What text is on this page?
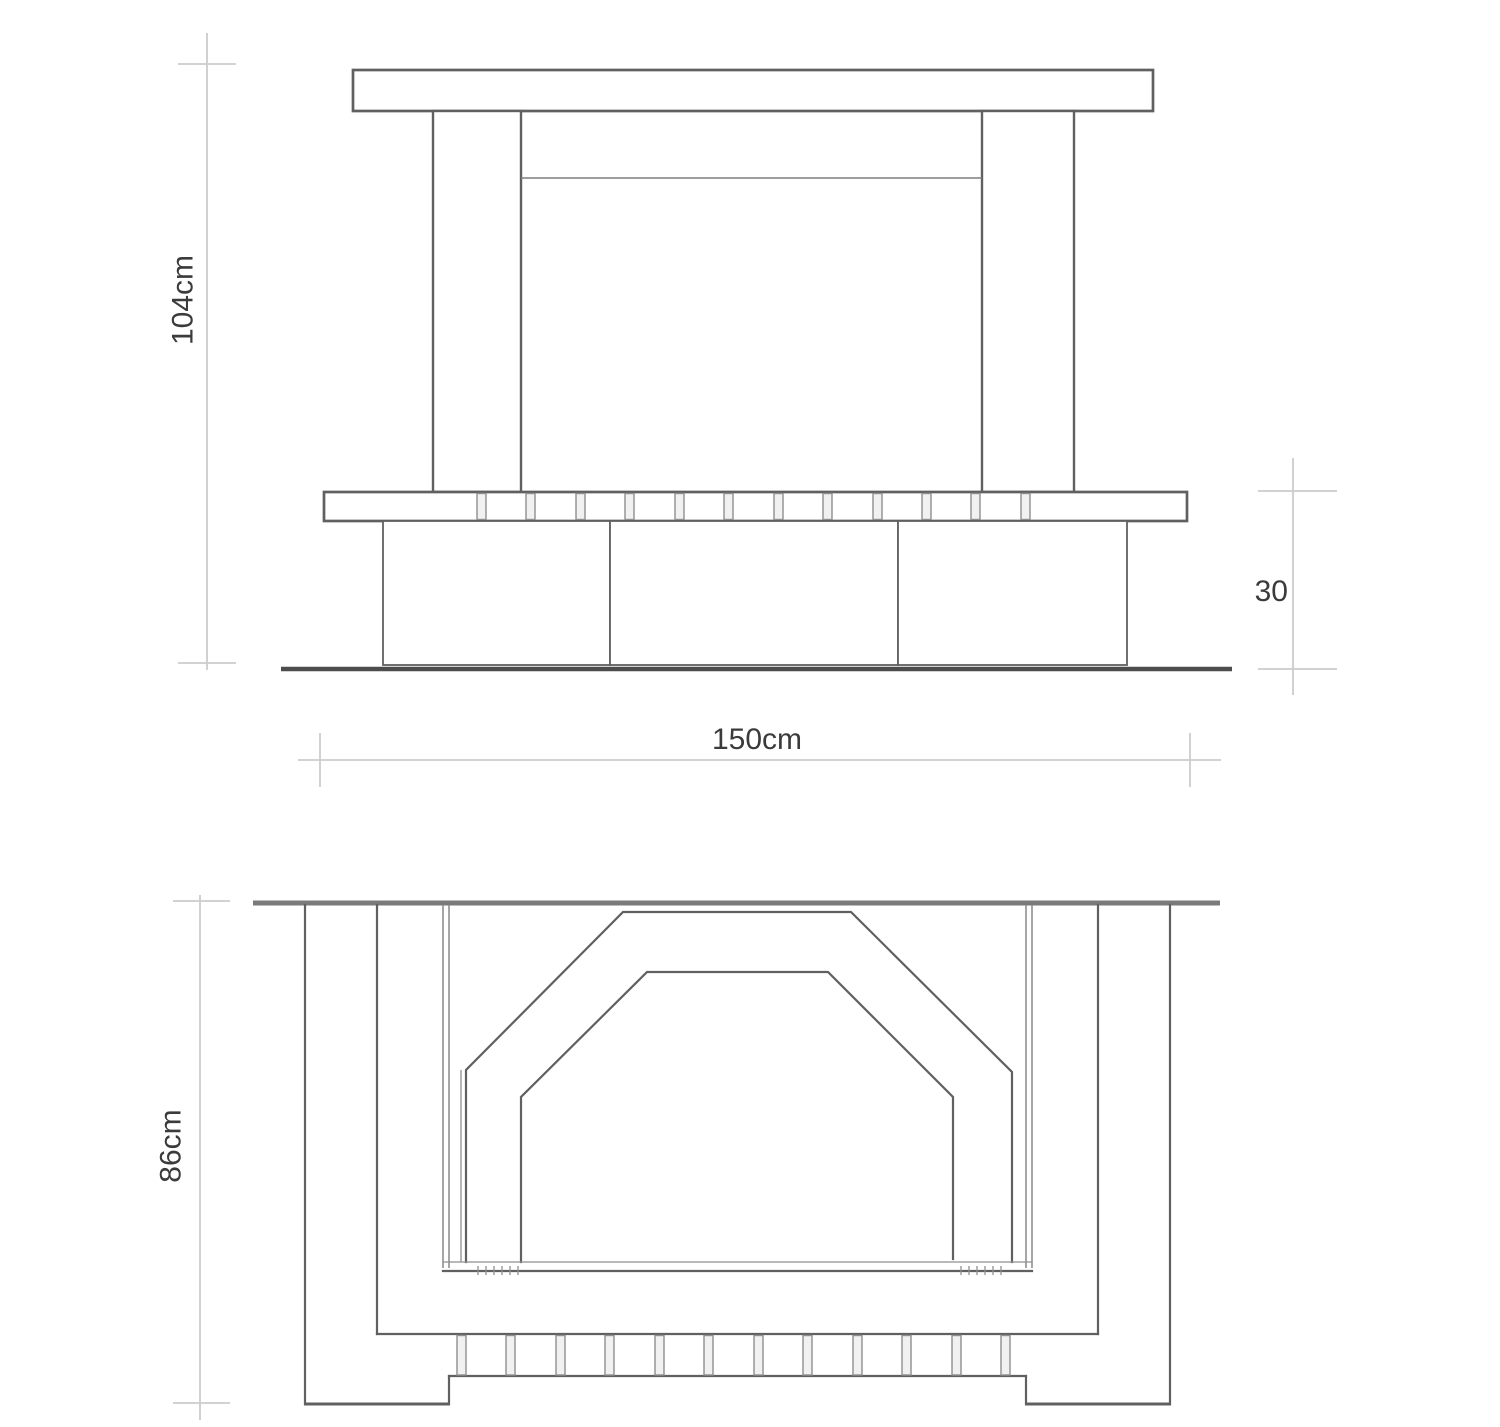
104cm
30
150cm
86cm
